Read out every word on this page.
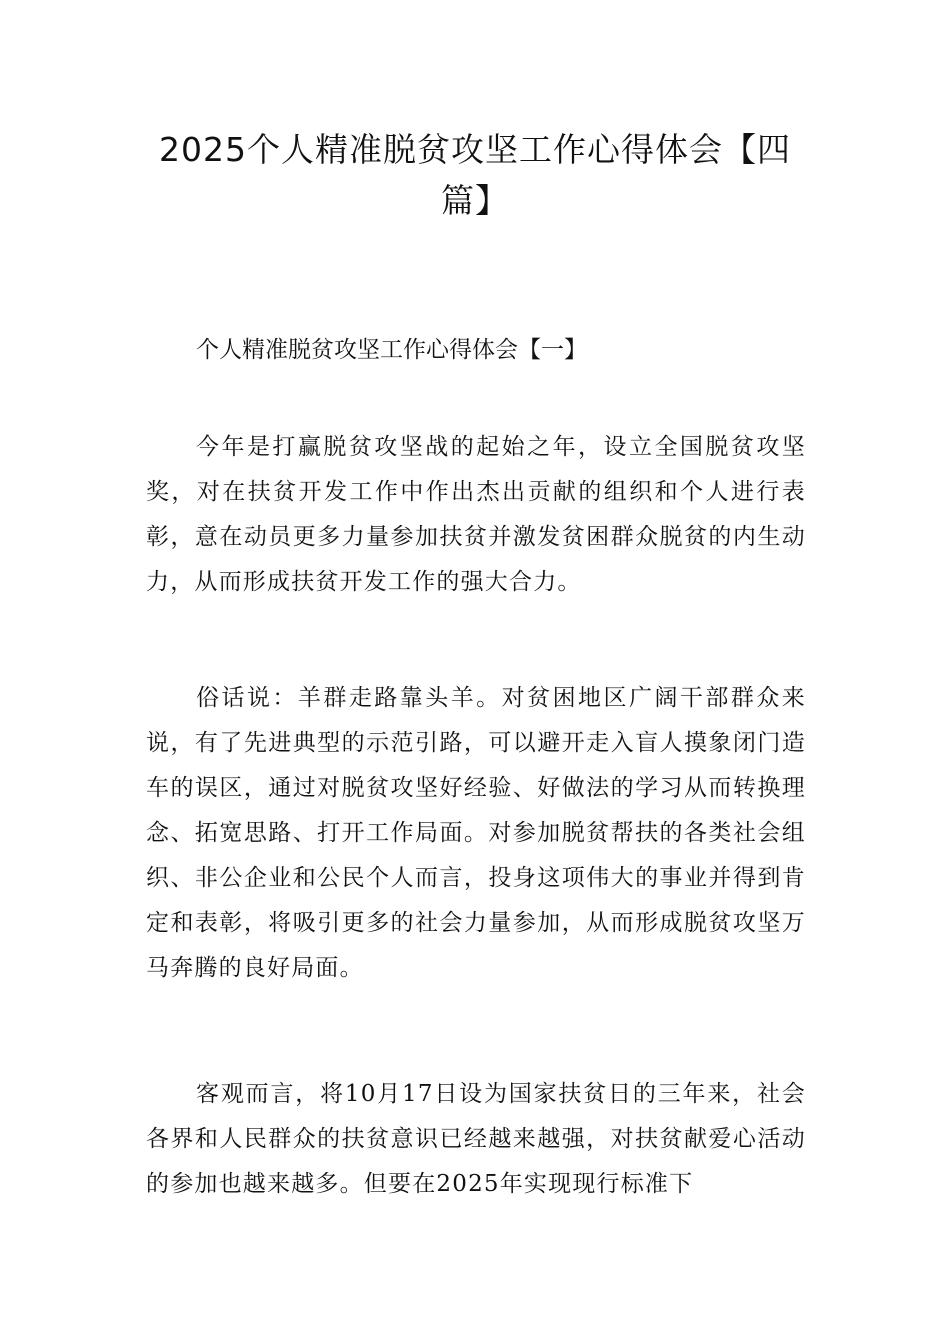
2025个人精准脱贫攻坚工作心得体会【四篇】
个人精准脱贫攻坚工作心得体会【一】

今年是打赢脱贫攻坚战的起始之年，设立全国脱贫攻坚奖，对在扶贫开发工作中作出杰出贡献的组织和个人进行表彰，意在动员更多力量参加扶贫并激发贫困群众脱贫的内生动力，从而形成扶贫开发工作的强大合力。

俗话说：羊群走路靠头羊。对贫困地区广阔干部群众来说，有了先进典型的示范引路，可以避开走入盲人摸象闭门造车的误区，通过对脱贫攻坚好经验、好做法的学习从而转换理念、拓宽思路、打开工作局面。对参加脱贫帮扶的各类社会组织、非公企业和公民个人而言，投身这项伟大的事业并得到肯定和表彰，将吸引更多的社会力量参加，从而形成脱贫攻坚万马奔腾的良好局面。

客观而言，将10月17日设为国家扶贫日的三年来，社会各界和人民群众的扶贫意识已经越来越强，对扶贫献爱心活动的参加也越来越多。但要在2025年实现现行标准下
